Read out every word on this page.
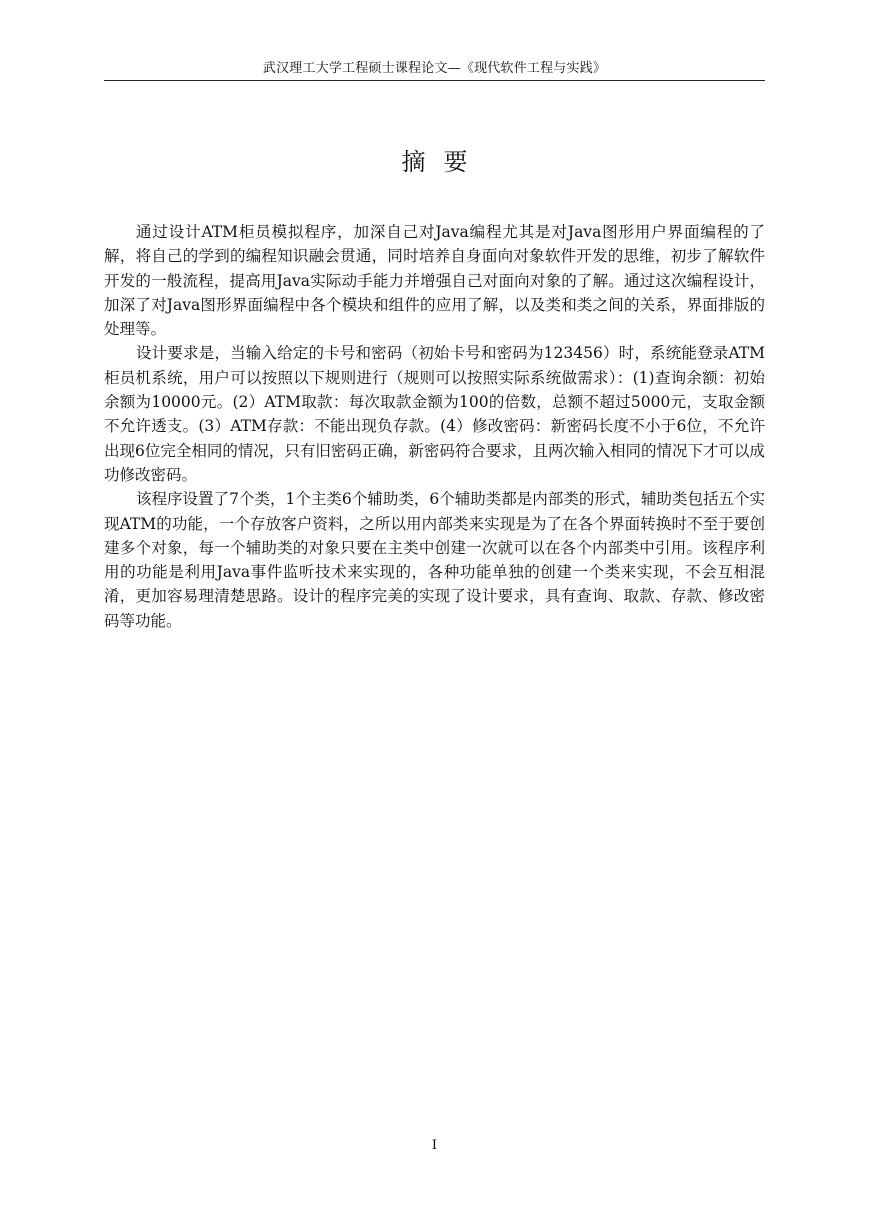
武汉理工大学工程硕士课程论文—《现代软件工程与实践》
摘要

通过设计ATM柜员模拟程序，加深自己对Java编程尤其是对Java图形用户界面编程的了解，将自己的学到的编程知识融会贯通，同时培养自身面向对象软件开发的思维，初步了解软件开发的一般流程，提高用Java实际动手能力并增强自己对面向对象的了解。通过这次编程设计，加深了对Java图形界面编程中各个模块和组件的应用了解，以及类和类之间的关系，界面排版的处理等。

设计要求是，当输入给定的卡号和密码（初始卡号和密码为123456）时，系统能登录ATM柜员机系统，用户可以按照以下规则进行（规则可以按照实际系统做需求）：(1)查询余额：初始余额为10000元。(2）ATM取款：每次取款金额为100的倍数，总额不超过5000元，支取金额不允许透支。(3）ATM存款：不能出现负存款。(4）修改密码：新密码长度不小于6位，不允许出现6位完全相同的情况，只有旧密码正确，新密码符合要求，且两次输入相同的情况下才可以成功修改密码。

该程序设置了7个类，1个主类6个辅助类，6个辅助类都是内部类的形式，辅助类包括五个实现ATM的功能，一个存放客户资料，之所以用内部类来实现是为了在各个界面转换时不至于要创建多个对象，每一个辅助类的对象只要在主类中创建一次就可以在各个内部类中引用。该程序利用的功能是利用Java事件监听技术来实现的，各种功能单独的创建一个类来实现，不会互相混淆，更加容易理清楚思路。设计的程序完美的实现了设计要求，具有查询、取款、存款、修改密码等功能。

I
